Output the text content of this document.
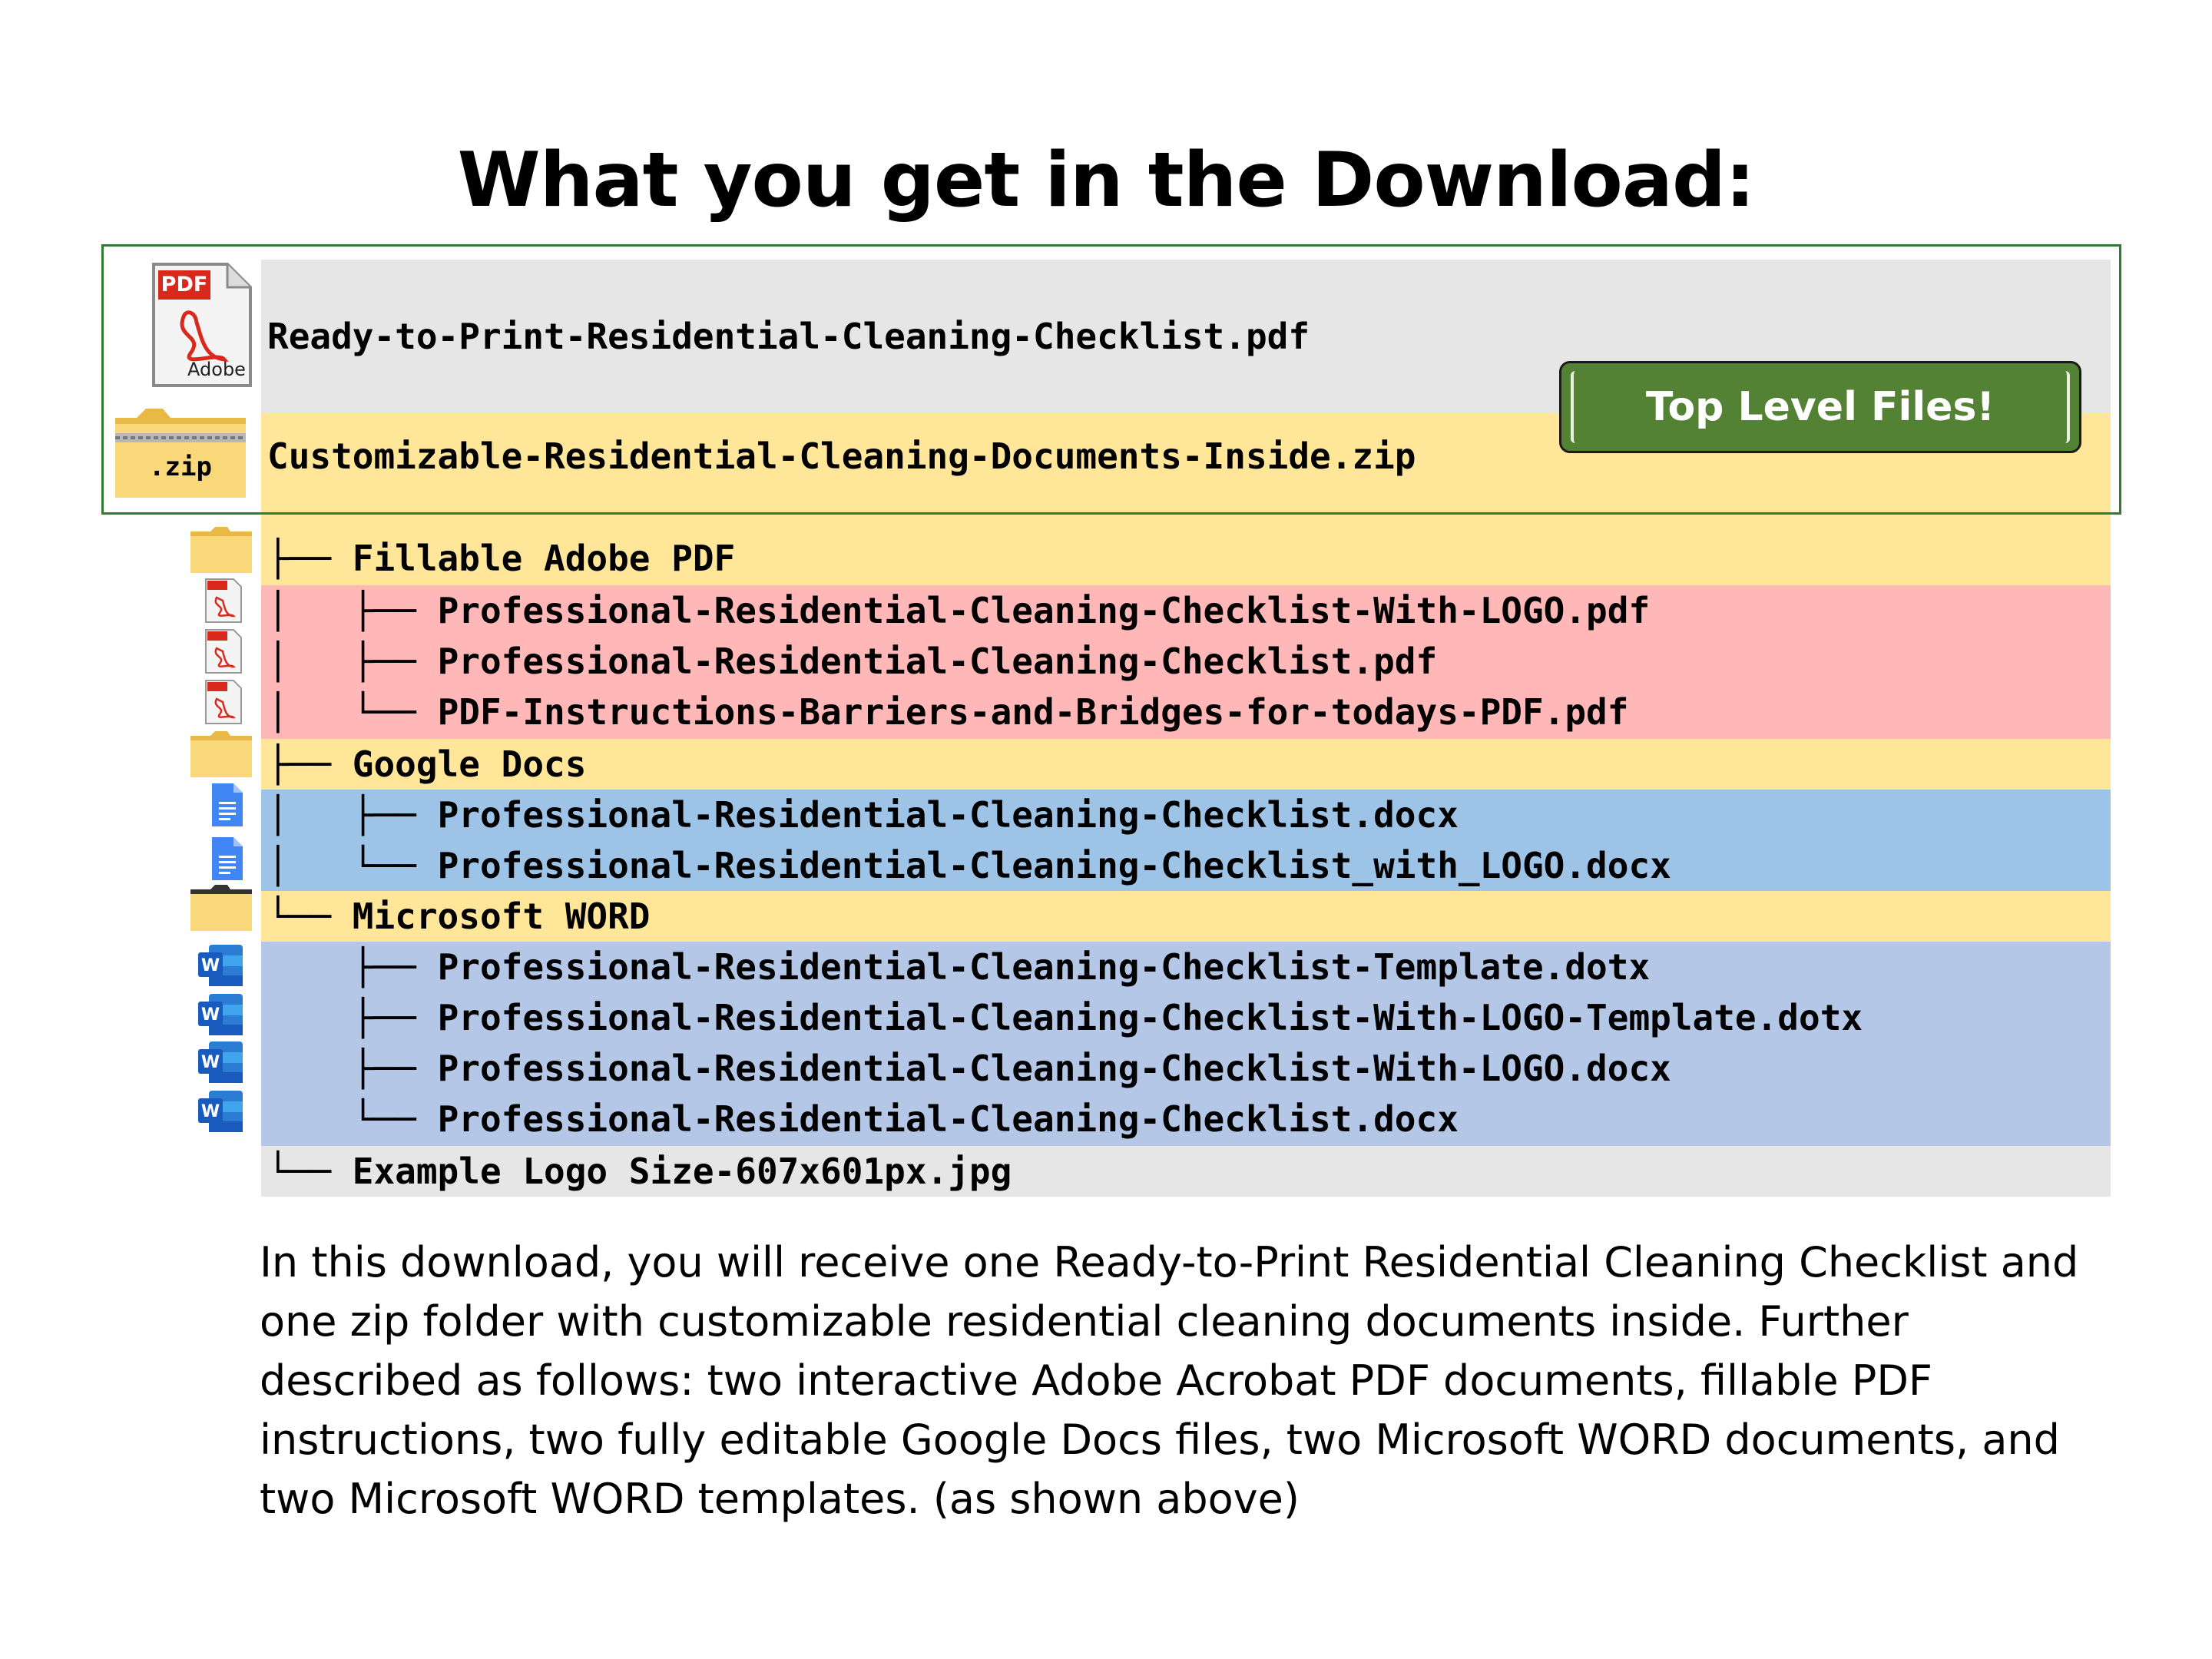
What you get in the Download:
PDF
Adobe
Ready-to-Print-Residential-Cleaning-Checklist.pdf
.zip	Customizable-Residential-Cleaning-Documents-Inside.zip
Top Level Files!
W
W
W
W
├── Fillable Adobe PDF
│   ├── Professional-Residential-Cleaning-Checklist-With-LOGO.pdf
│   ├── Professional-Residential-Cleaning-Checklist.pdf
│   └── PDF-Instructions-Barriers-and-Bridges-for-todays-PDF.pdf
├── Google Docs
│   ├── Professional-Residential-Cleaning-Checklist.docx
│   └── Professional-Residential-Cleaning-Checklist_with_LOGO.docx
└── Microsoft WORD
├── Professional-Residential-Cleaning-Checklist-Template.dotx
├── Professional-Residential-Cleaning-Checklist-With-LOGO-Template.dotx
├── Professional-Residential-Cleaning-Checklist-With-LOGO.docx
└── Professional-Residential-Cleaning-Checklist.docx
└── Example Logo Size-607x601px.jpg
In this download, you will receive one Ready-to-Print Residential Cleaning Checklist and one zip folder with customizable residential cleaning documents inside. Further described as follows: two interactive Adobe Acrobat PDF documents, fillable PDF instructions, two fully editable Google Docs files, two Microsoft WORD documents, and two Microsoft WORD templates. (as shown above)
